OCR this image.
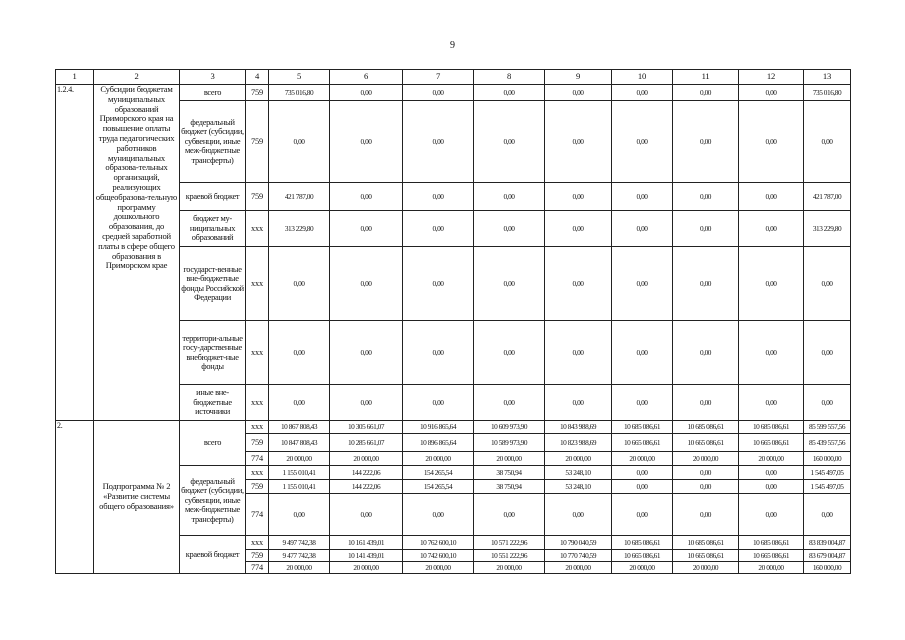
9
1	2	3	4	5	6	7	8	9	10	11	12	13
1.2.4.	Субсидии бюджетам муниципальных образований Приморского края на повышение оплаты труда педагогических работников муниципальных образова-тельных организаций, реализующих общеобразова-тельную программу дошкольного образования, до средней заработной платы в сфере общего образования в Приморском крае	всего	759	735 016,80	0,00	0,00	0,00	0,00	0,00	0,00	0,00	735 016,80
		федеральный бюджет (субсидии, субвенции, иные меж-бюджетные трансферты)	759	0,00	0,00	0,00	0,00	0,00	0,00	0,00	0,00	0,00
		краевой бюджет	759	421 787,00	0,00	0,00	0,00	0,00	0,00	0,00	0,00	421 787,00
		бюджет му-ниципальных образований	xxx	313 229,80	0,00	0,00	0,00	0,00	0,00	0,00	0,00	313 229,80
		государст-венные вне-бюджетные фонды Российской Федерации	xxx	0,00	0,00	0,00	0,00	0,00	0,00	0,00	0,00	0,00
		территори-альные госу-дарственные внебюджет-ные фонды	xxx	0,00	0,00	0,00	0,00	0,00	0,00	0,00	0,00	0,00
		иные вне-бюджетные источники	xxx	0,00	0,00	0,00	0,00	0,00	0,00	0,00	0,00	0,00
2.	Подпрограмма № 2 «Развитие системы общего образования»	всего	xxx	10 867 808,43	10 305 661,07	10 916 865,64	10 609 973,90	10 843 988,69	10 685 086,61	10 685 086,61	10 685 086,61	85 599 557,56
			759	10 847 808,43	10 285 661,07	10 896 865,64	10 589 973,90	10 823 988,69	10 665 086,61	10 665 086,61	10 665 086,61	85 439 557,56
			774	20 000,00	20 000,00	20 000,00	20 000,00	20 000,00	20 000,00	20 000,00	20 000,00	160 000,00
		федеральный бюджет (субсидии, субвенции, иные меж-бюджетные трансферты)	xxx	1 155 010,41	144 222,06	154 265,54	38 750,94	53 248,10	0,00	0,00	0,00	1 545 497,05
			759	1 155 010,41	144 222,06	154 265,54	38 750,94	53 248,10	0,00	0,00	0,00	1 545 497,05
			774	0,00	0,00	0,00	0,00	0,00	0,00	0,00	0,00	0,00
		краевой бюджет	xxx	9 497 742,38	10 161 439,01	10 762 600,10	10 571 222,96	10 790 040,59	10 685 086,61	10 685 086,61	10 685 086,61	83 839 004,87
			759	9 477 742,38	10 141 439,01	10 742 600,10	10 551 222,96	10 770 740,59	10 665 086,61	10 665 086,61	10 665 086,61	83 679 004,87
			774	20 000,00	20 000,00	20 000,00	20 000,00	20 000,00	20 000,00	20 000,00	20 000,00	160 000,00
